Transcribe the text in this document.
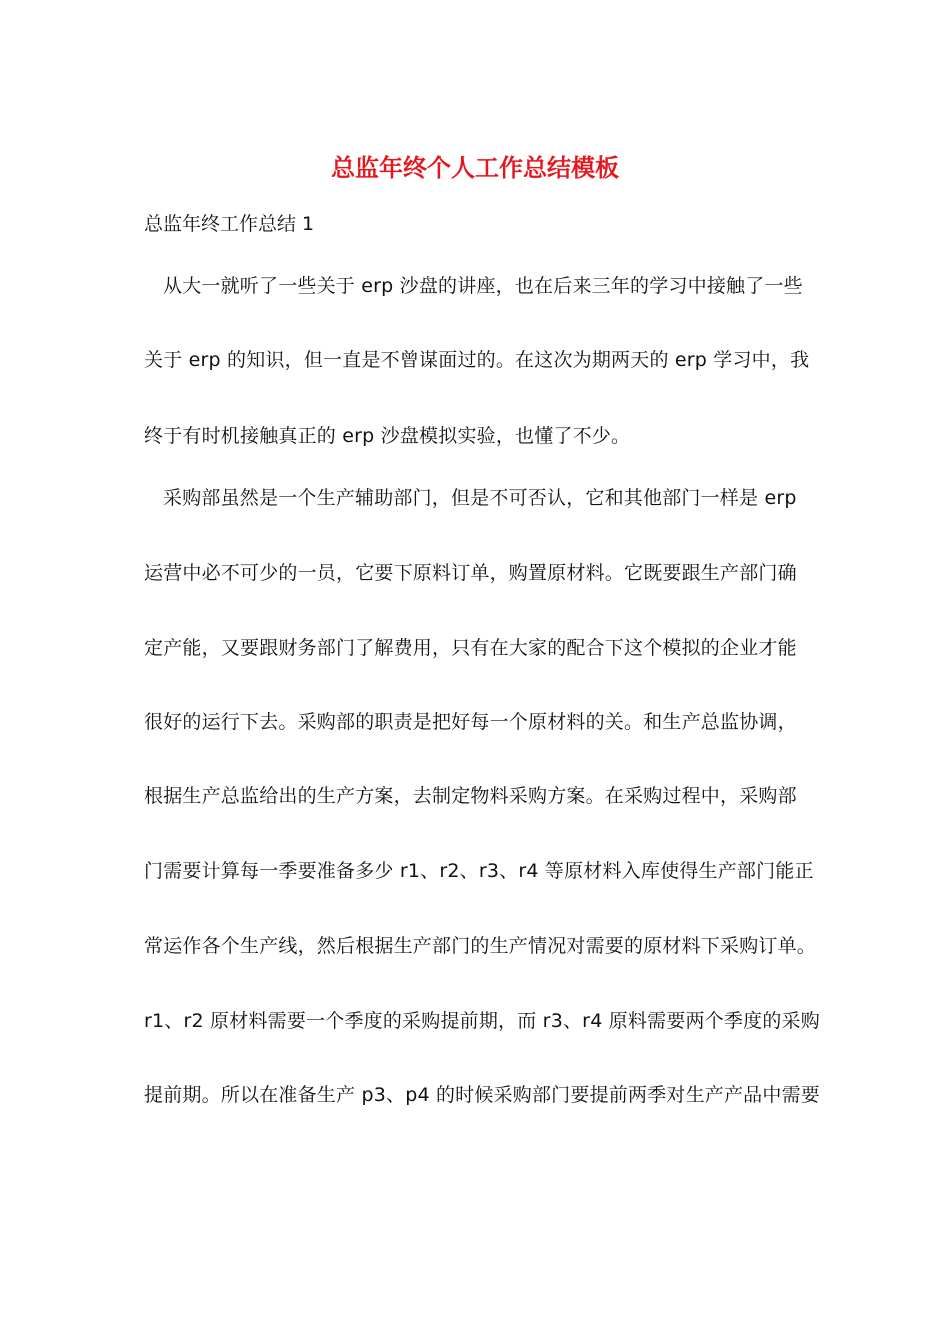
总监年终个人工作总结模板
总监年终工作总结 1
从大一就听了一些关于 erp 沙盘的讲座，也在后来三年的学习中接触了一些
关于 erp 的知识，但一直是不曾谋面过的。在这次为期两天的 erp 学习中，我
终于有时机接触真正的 erp 沙盘模拟实验，也懂了不少。
采购部虽然是一个生产辅助部门，但是不可否认，它和其他部门一样是 erp
运营中必不可少的一员，它要下原料订单，购置原材料。它既要跟生产部门确
定产能，又要跟财务部门了解费用，只有在大家的配合下这个模拟的企业才能
很好的运行下去。采购部的职责是把好每一个原材料的关。和生产总监协调，
根据生产总监给出的生产方案，去制定物料采购方案。在采购过程中，采购部
门需要计算每一季要准备多少 r1、r2、r3、r4 等原材料入库使得生产部门能正
常运作各个生产线，然后根据生产部门的生产情况对需要的原材料下采购订单。
r1、r2 原材料需要一个季度的采购提前期，而 r3、r4 原料需要两个季度的采购
提前期。所以在准备生产 p3、p4 的时候采购部门要提前两季对生产产品中需要
